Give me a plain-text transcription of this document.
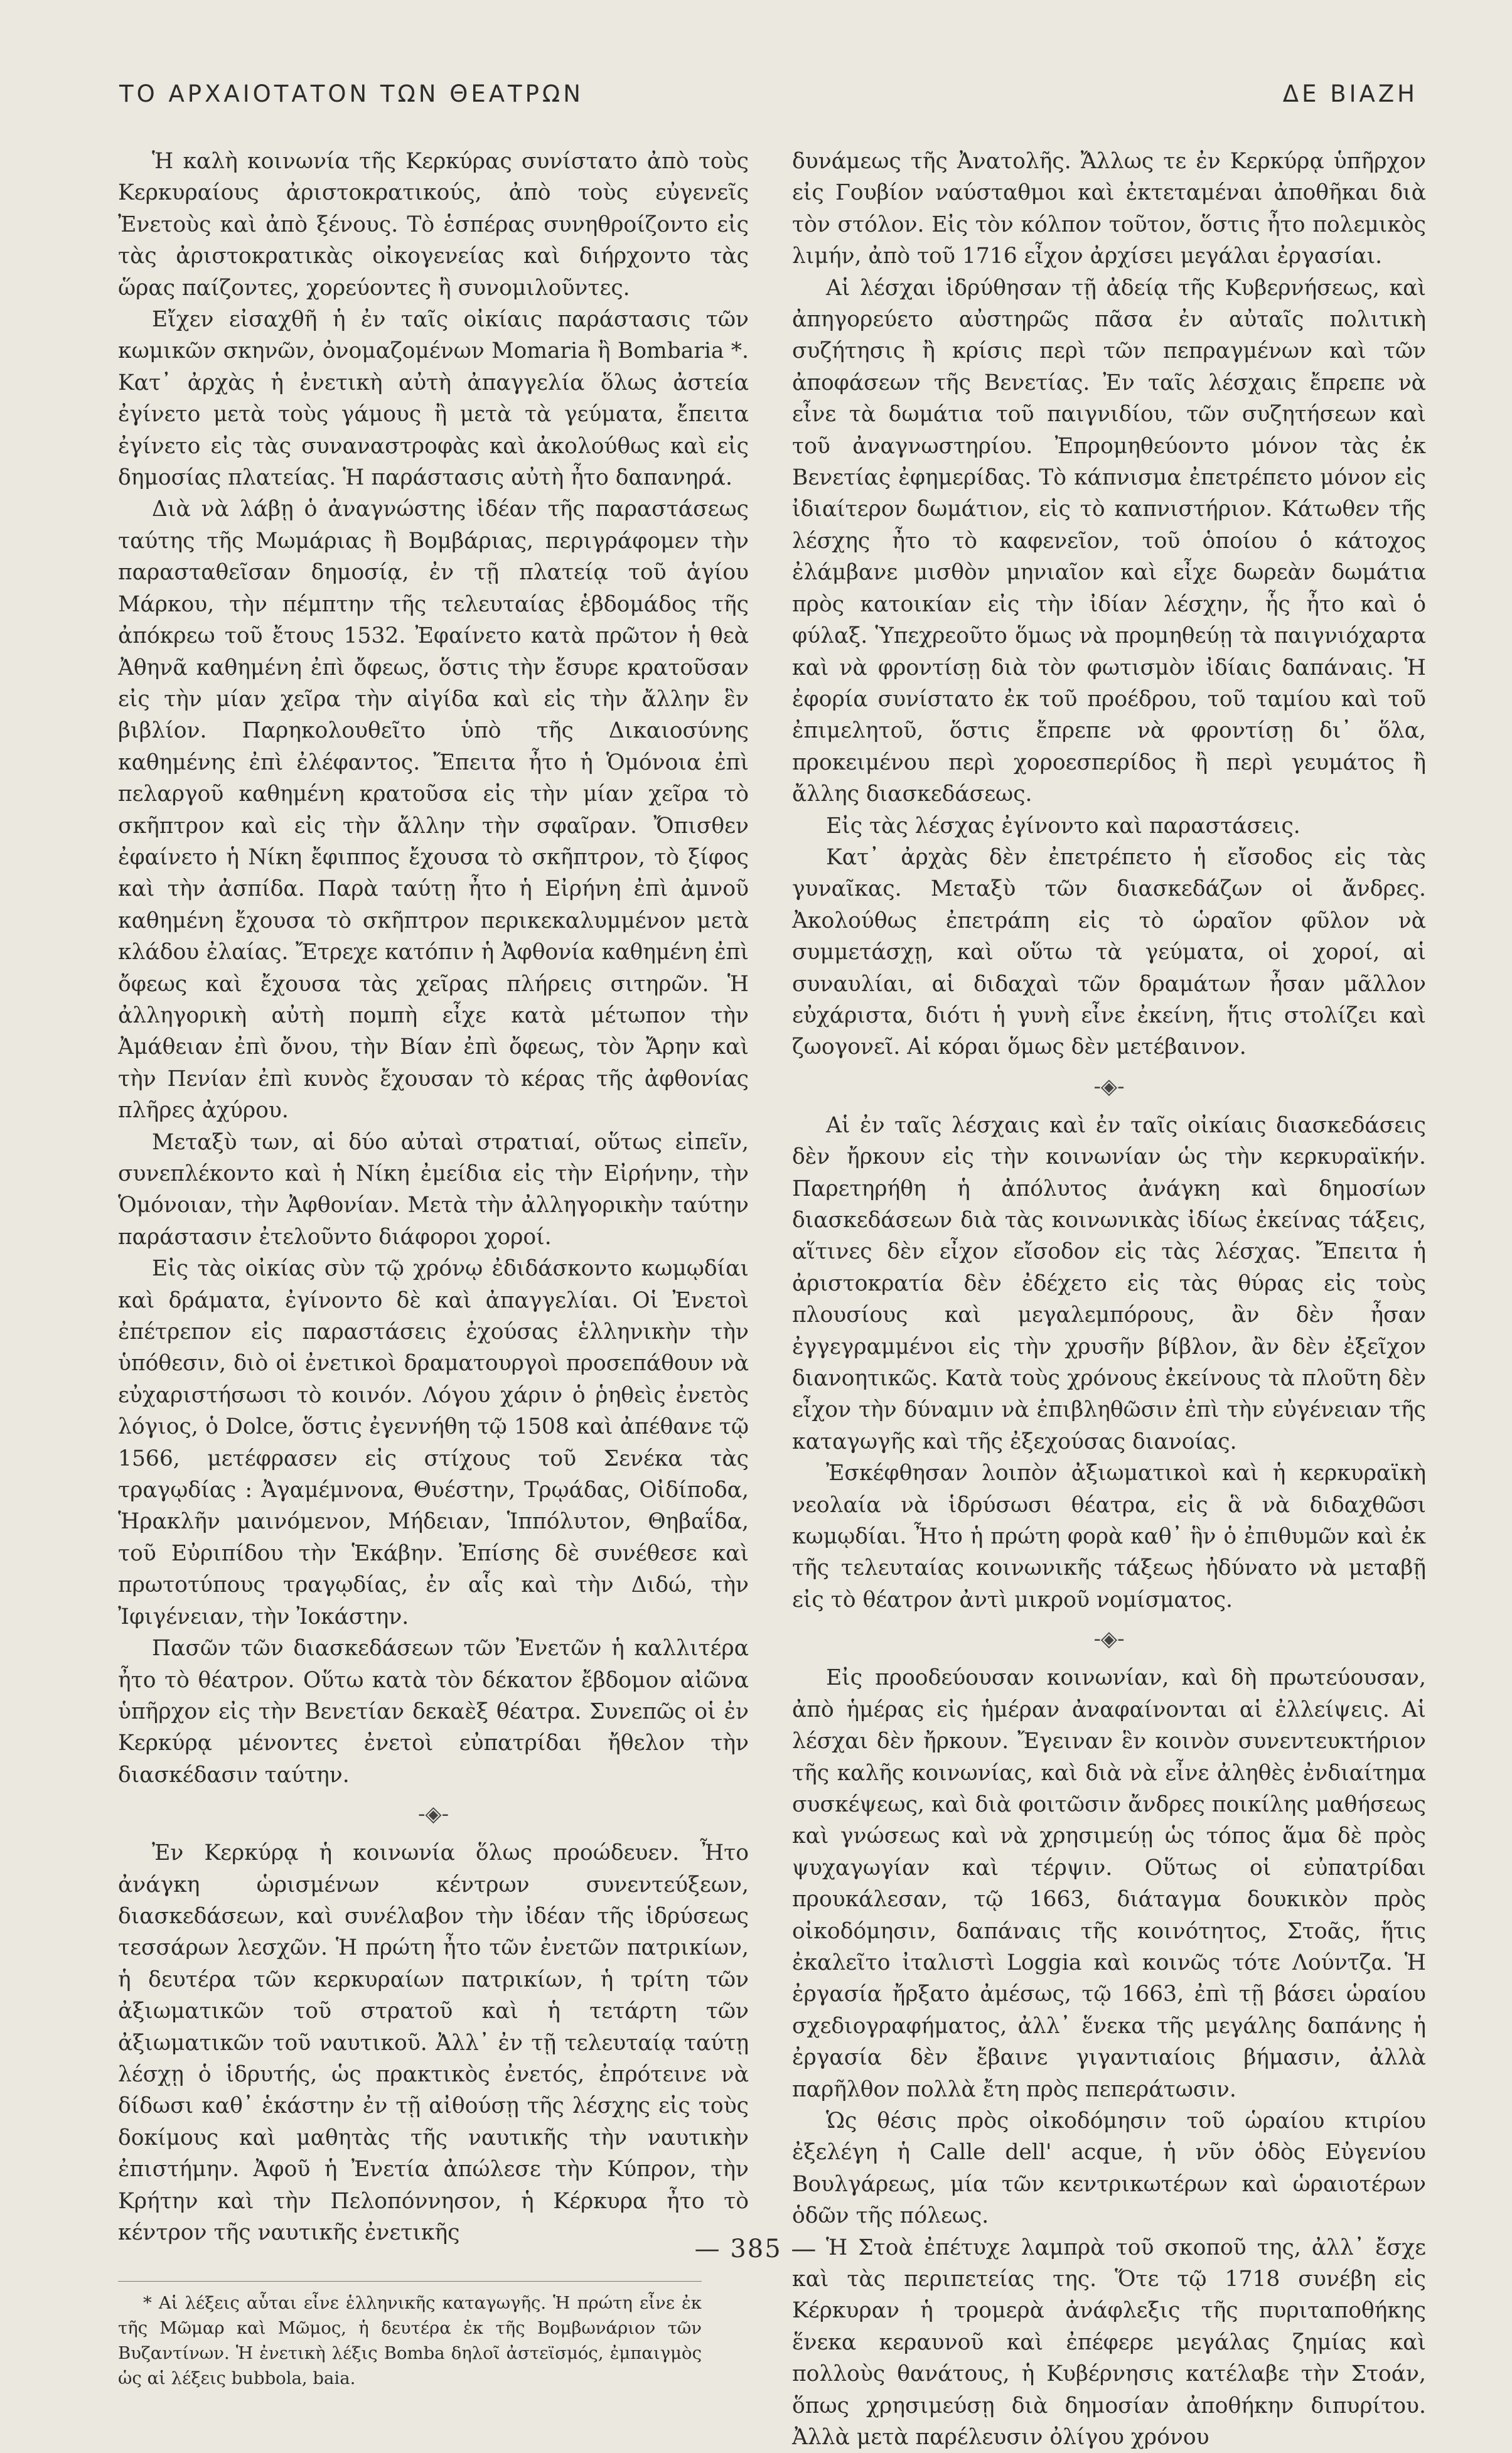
ΤΟ ΑΡΧΑΙΟΤΑΤΟΝ ΤΩΝ ΘΕΑΤΡΩΝ	ΔΕ ΒΙΑΖΗ

Ἡ καλὴ κοινωνία τῆς Κερκύρας συνίστατο ἀπὸ τοὺς Κερκυραίους ἀριστοκρατικούς, ἀπὸ τοὺς εὐγενεῖς Ἐνετοὺς καὶ ἀπὸ ξένους. Τὸ ἑσπέρας συνηθροίζοντο εἰς τὰς ἀριστοκρατικὰς οἰκογενείας καὶ διήρχοντο τὰς ὥρας παίζοντες, χορεύοντες ἢ συνομιλοῦντες.

Εἴχεν εἰσαχθῆ ἡ ἐν ταῖς οἰκίαις παράστασις τῶν κωμικῶν σκηνῶν, ὀνομαζομένων Momaria ἢ Bombaria *. Κατ᾽ ἀρχὰς ἡ ἐνετικὴ αὐτὴ ἀπαγγελία ὅλως ἀστεία ἐγίνετο μετὰ τοὺς γάμους ἢ μετὰ τὰ γεύματα, ἔπειτα ἐγίνετο εἰς τὰς συναναστροφὰς καὶ ἀκολούθως καὶ εἰς δημοσίας πλατείας. Ἡ παράστασις αὐτὴ ἦτο δαπανηρά.

Διὰ νὰ λάβῃ ὁ ἀναγνώστης ἰδέαν τῆς παραστάσεως ταύτης τῆς Μωμάριας ἢ Βομβάριας, περιγράφομεν τὴν παρασταθεῖσαν δημοσίᾳ, ἐν τῇ πλατείᾳ τοῦ ἁγίου Μάρκου, τὴν πέμπτην τῆς τελευταίας ἑβδομάδος τῆς ἀπόκρεω τοῦ ἔτους 1532. Ἐφαίνετο κατὰ πρῶτον ἡ θεὰ Ἀθηνᾶ καθημένη ἐπὶ ὄφεως, ὅστις τὴν ἔσυρε κρατοῦσαν εἰς τὴν μίαν χεῖρα τὴν αἰγίδα καὶ εἰς τὴν ἄλλην ἓν βιβλίον. Παρηκολουθεῖτο ὑπὸ τῆς Δικαιοσύνης καθημένης ἐπὶ ἐλέφαντος. Ἔπειτα ἦτο ἡ Ὁμόνοια ἐπὶ πελαργοῦ καθημένη κρατοῦσα εἰς τὴν μίαν χεῖρα τὸ σκῆπτρον καὶ εἰς τὴν ἄλλην τὴν σφαῖραν. Ὄπισθεν ἐφαίνετο ἡ Νίκη ἔφιππος ἔχουσα τὸ σκῆπτρον, τὸ ξίφος καὶ τὴν ἀσπίδα. Παρὰ ταύτῃ ἦτο ἡ Εἰρήνη ἐπὶ ἀμνοῦ καθημένη ἔχουσα τὸ σκῆπτρον περικεκαλυμμένον μετὰ κλάδου ἐλαίας. Ἔτρεχε κατόπιν ἡ Ἀφθονία καθημένη ἐπὶ ὄφεως καὶ ἔχουσα τὰς χεῖρας πλήρεις σιτηρῶν. Ἡ ἀλληγορικὴ αὐτὴ πομπὴ εἶχε κατὰ μέτωπον τὴν Ἀμάθειαν ἐπὶ ὄνου, τὴν Βίαν ἐπὶ ὄφεως, τὸν Ἄρην καὶ τὴν Πενίαν ἐπὶ κυνὸς ἔχουσαν τὸ κέρας τῆς ἀφθονίας πλῆρες ἀχύρου.

Μεταξὺ των, αἱ δύο αὐταὶ στρατιαί, οὕτως εἰπεῖν, συνεπλέκοντο καὶ ἡ Νίκη ἐμείδια εἰς τὴν Εἰρήνην, τὴν Ὁμόνοιαν, τὴν Ἀφθονίαν. Μετὰ τὴν ἀλληγορικὴν ταύτην παράστασιν ἐτελοῦντο διάφοροι χοροί.

Εἰς τὰς οἰκίας σὺν τῷ χρόνῳ ἐδιδάσκοντο κωμῳδίαι καὶ δράματα, ἐγίνοντο δὲ καὶ ἀπαγγελίαι. Οἱ Ἐνετοὶ ἐπέτρεπον εἰς παραστάσεις ἐχούσας ἑλληνικὴν τὴν ὑπόθεσιν, διὸ οἱ ἐνετικοὶ δραματουργοὶ προσεπάθουν νὰ εὐχαριστήσωσι τὸ κοινόν. Λόγου χάριν ὁ ῥηθεὶς ἐνετὸς λόγιος, ὁ Dolce, ὅστις ἐγεννήθη τῷ 1508 καὶ ἀπέθανε τῷ 1566, μετέφρασεν εἰς στίχους τοῦ Σενέκα τὰς τραγῳδίας : Ἀγαμέμνονα, Θυέστην, Τρῳάδας, Οἰδίποδα, Ἡρακλῆν μαινόμενον, Μήδειαν, Ἱππόλυτον, Θηβαΐδα, τοῦ Εὐριπίδου τὴν Ἑκάβην. Ἐπίσης δὲ συνέθεσε καὶ πρωτοτύπους τραγῳδίας, ἐν αἷς καὶ τὴν Διδώ, τὴν Ἰφιγένειαν, τὴν Ἰοκάστην.

Πασῶν τῶν διασκεδάσεων τῶν Ἐνετῶν ἡ καλλιτέρα ἦτο τὸ θέατρον. Οὕτω κατὰ τὸν δέκατον ἔβδομον αἰῶνα ὑπῆρχον εἰς τὴν Βενετίαν δεκαὲξ θέατρα. Συνεπῶς οἱ ἐν Κερκύρᾳ μένοντες ἐνετοὶ εὐπατρίδαι ἤθελον τὴν διασκέδασιν ταύτην.

-◈-

Ἐν Κερκύρᾳ ἡ κοινωνία ὅλως προώδευεν. Ἦτο ἀνάγκη ὡρισμένων κέντρων συνεντεύξεων, διασκεδάσεων, καὶ συνέλαβον τὴν ἰδέαν τῆς ἱδρύσεως τεσσάρων λεσχῶν. Ἡ πρώτη ἦτο τῶν ἐνετῶν πατρικίων, ἡ δευτέρα τῶν κερκυραίων πατρικίων, ἡ τρίτη τῶν ἀξιωματικῶν τοῦ στρατοῦ καὶ ἡ τετάρτη τῶν ἀξιωματικῶν τοῦ ναυτικοῦ. Ἀλλ᾽ ἐν τῇ τελευταίᾳ ταύτῃ λέσχῃ ὁ ἱδρυτής, ὡς πρακτικὸς ἐνετός, ἐπρότεινε νὰ δίδωσι καθ᾽ ἑκάστην ἐν τῇ αἰθούσῃ τῆς λέσχης εἰς τοὺς δοκίμους καὶ μαθητὰς τῆς ναυτικῆς τὴν ναυτικὴν ἐπιστήμην. Ἀφοῦ ἡ Ἐνετία ἀπώλεσε τὴν Κύπρον, τὴν Κρήτην καὶ τὴν Πελοπόννησον, ἡ Κέρκυρα ἦτο τὸ κέντρον τῆς ναυτικῆς ἐνετικῆς

* Αἱ λέξεις αὗται εἶνε ἑλληνικῆς καταγωγῆς. Ἡ πρώτη εἶνε ἐκ τῆς Μῶμαρ καὶ Μῶμος, ἡ δευτέρα ἐκ τῆς Βομβωνάριον τῶν Βυζαντίνων. Ἡ ἐνετικὴ λέξις Bomba δηλοῖ ἀστεϊσμός, ἐμπαιγμὸς ὡς αἱ λέξεις bubbola, baia.

δυνάμεως τῆς Ἀνατολῆς. Ἄλλως τε ἐν Κερκύρᾳ ὑπῆρχον εἰς Γουβίον ναύσταθμοι καὶ ἐκτεταμέναι ἀποθῆκαι διὰ τὸν στόλον. Εἰς τὸν κόλπον τοῦτον, ὅστις ἦτο πολεμικὸς λιμήν, ἀπὸ τοῦ 1716 εἶχον ἀρχίσει μεγάλαι ἐργασίαι.

Αἱ λέσχαι ἱδρύθησαν τῇ ἀδείᾳ τῆς Κυβερνήσεως, καὶ ἀπηγορεύετο αὐστηρῶς πᾶσα ἐν αὐταῖς πολιτικὴ συζήτησις ἢ κρίσις περὶ τῶν πεπραγμένων καὶ τῶν ἀποφάσεων τῆς Βενετίας. Ἐν ταῖς λέσχαις ἔπρεπε νὰ εἶνε τὰ δωμάτια τοῦ παιγνιδίου, τῶν συζητήσεων καὶ τοῦ ἀναγνωστηρίου. Ἐπρομηθεύοντο μόνον τὰς ἐκ Βενετίας ἐφημερίδας. Τὸ κάπνισμα ἐπετρέπετο μόνον εἰς ἰδιαίτερον δωμάτιον, εἰς τὸ καπνιστήριον. Κάτωθεν τῆς λέσχης ἦτο τὸ καφενεῖον, τοῦ ὁποίου ὁ κάτοχος ἐλάμβανε μισθὸν μηνιαῖον καὶ εἶχε δωρεὰν δωμάτια πρὸς κατοικίαν εἰς τὴν ἰδίαν λέσχην, ἧς ἦτο καὶ ὁ φύλαξ. Ὑπεχρεοῦτο ὅμως νὰ προμηθεύῃ τὰ παιγνιόχαρτα καὶ νὰ φροντίσῃ διὰ τὸν φωτισμὸν ἰδίαις δαπάναις. Ἡ ἐφορία συνίστατο ἐκ τοῦ προέδρου, τοῦ ταμίου καὶ τοῦ ἐπιμελητοῦ, ὅστις ἔπρεπε νὰ φροντίσῃ δι᾽ ὅλα, προκειμένου περὶ χοροεσπερίδος ἢ περὶ γευμάτος ἢ ἄλλης διασκεδάσεως.

Εἰς τὰς λέσχας ἐγίνοντο καὶ παραστάσεις.

Κατ᾽ ἀρχὰς δὲν ἐπετρέπετο ἡ εἴσοδος εἰς τὰς γυναῖκας. Μεταξὺ τῶν διασκεδάζων οἱ ἄνδρες. Ἀκολούθως ἐπετράπη εἰς τὸ ὡραῖον φῦλον νὰ συμμετάσχῃ, καὶ οὕτω τὰ γεύματα, οἱ χοροί, αἱ συναυλίαι, αἱ διδαχαὶ τῶν δραμάτων ἦσαν μᾶλλον εὐχάριστα, διότι ἡ γυνὴ εἶνε ἐκείνη, ἥτις στολίζει καὶ ζωογονεῖ. Αἱ κόραι ὅμως δὲν μετέβαινον.

-◈-

Αἱ ἐν ταῖς λέσχαις καὶ ἐν ταῖς οἰκίαις διασκεδάσεις δὲν ἤρκουν εἰς τὴν κοινωνίαν ὡς τὴν κερκυραϊκήν. Παρετηρήθη ἡ ἀπόλυτος ἀνάγκη καὶ δημοσίων διασκεδάσεων διὰ τὰς κοινωνικὰς ἰδίως ἐκείνας τάξεις, αἵτινες δὲν εἶχον εἴσοδον εἰς τὰς λέσχας. Ἔπειτα ἡ ἀριστοκρατία δὲν ἐδέχετο εἰς τὰς θύρας εἰς τοὺς πλουσίους καὶ μεγαλεμπόρους, ἂν δὲν ἦσαν ἐγγεγραμμένοι εἰς τὴν χρυσῆν βίβλον, ἂν δὲν ἐξεῖχον διανοητικῶς. Κατὰ τοὺς χρόνους ἐκείνους τὰ πλοῦτη δὲν εἶχον τὴν δύναμιν νὰ ἐπιβληθῶσιν ἐπὶ τὴν εὐγένειαν τῆς καταγωγῆς καὶ τῆς ἐξεχούσας διανοίας.

Ἐσκέφθησαν λοιπὸν ἀξιωματικοὶ καὶ ἡ κερκυραϊκὴ νεολαία νὰ ἱδρύσωσι θέατρα, εἰς ἃ νὰ διδαχθῶσι κωμῳδίαι. Ἦτο ἡ πρώτη φορὰ καθ᾽ ἣν ὁ ἐπιθυμῶν καὶ ἐκ τῆς τελευταίας κοινωνικῆς τάξεως ἠδύνατο νὰ μεταβῇ εἰς τὸ θέατρον ἀντὶ μικροῦ νομίσματος.

-◈-

Εἰς προοδεύουσαν κοινωνίαν, καὶ δὴ πρωτεύουσαν, ἀπὸ ἡμέρας εἰς ἡμέραν ἀναφαίνονται αἱ ἐλλείψεις. Αἱ λέσχαι δὲν ἤρκουν. Ἔγειναν ἓν κοινὸν συνεντευκτήριον τῆς καλῆς κοινωνίας, καὶ διὰ νὰ εἶνε ἀληθὲς ἐνδιαίτημα συσκέψεως, καὶ διὰ φοιτῶσιν ἄνδρες ποικίλης μαθήσεως καὶ γνώσεως καὶ νὰ χρησιμεύῃ ὡς τόπος ἅμα δὲ πρὸς ψυχαγωγίαν καὶ τέρψιν. Οὕτως οἱ εὐπατρίδαι προυκάλεσαν, τῷ 1663, διάταγμα δουκικὸν πρὸς οἰκοδόμησιν, δαπάναις τῆς κοινότητος, Στοᾶς, ἥτις ἐκαλεῖτο ἰταλιστὶ Loggia καὶ κοινῶς τότε Λούντζα. Ἡ ἐργασία ἤρξατο ἀμέσως, τῷ 1663, ἐπὶ τῇ βάσει ὡραίου σχεδιογραφήματος, ἀλλ᾽ ἕνεκα τῆς μεγάλης δαπάνης ἡ ἐργασία δὲν ἔβαινε γιγαντιαίοις βήμασιν, ἀλλὰ παρῆλθον πολλὰ ἔτη πρὸς πεπεράτωσιν.

Ὡς θέσις πρὸς οἰκοδόμησιν τοῦ ὡραίου κτιρίου ἐξελέγη ἡ Calle dell' acque, ἡ νῦν ὁδὸς Εὐγενίου Βουλγάρεως, μία τῶν κεντρικωτέρων καὶ ὡραιοτέρων ὁδῶν τῆς πόλεως.

Ἡ Στοὰ ἐπέτυχε λαμπρὰ τοῦ σκοποῦ της, ἀλλ᾽ ἔσχε καὶ τὰς περιπετείας της. Ὅτε τῷ 1718 συνέβη εἰς Κέρκυραν ἡ τρομερὰ ἀνάφλεξις τῆς πυριταποθήκης ἕνεκα κεραυνοῦ καὶ ἐπέφερε μεγάλας ζημίας καὶ πολλοὺς θανάτους, ἡ Κυβέρνησις κατέλαβε τὴν Στοάν, ὅπως χρησιμεύσῃ διὰ δημοσίαν ἀποθήκην διπυρίτου. Ἀλλὰ μετὰ παρέλευσιν ὀλίγου χρόνου

— 385 —
